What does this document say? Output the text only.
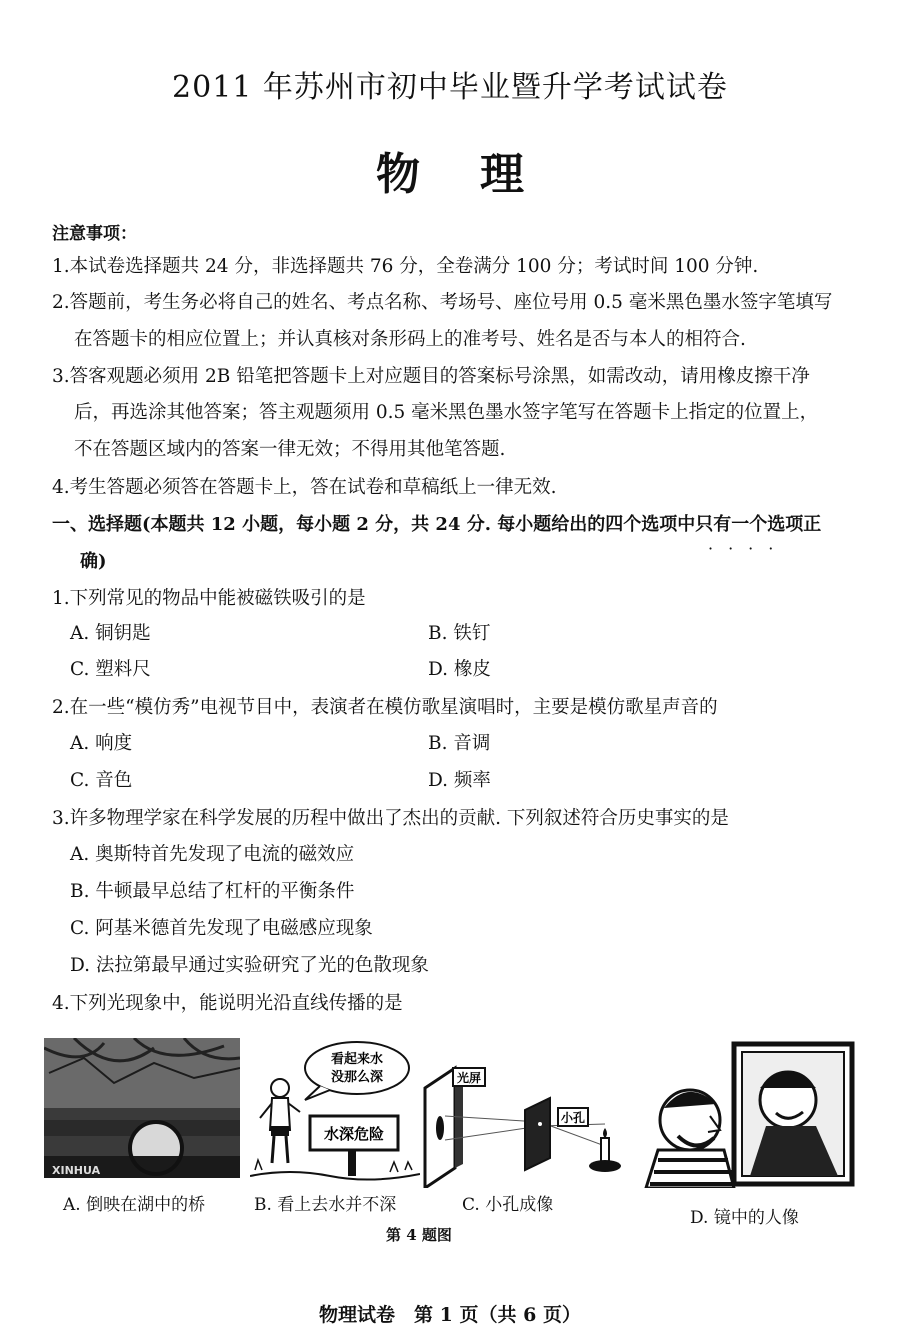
2011 年苏州市初中毕业暨升学考试试卷
物理
注意事项：
1.本试卷选择题共 24 分，非选择题共 76 分，全卷满分 100 分；考试时间 100 分钟.
2.答题前，考生务必将自己的姓名、考点名称、考场号、座位号用 0.5 毫米黑色墨水签字笔填写
在答题卡的相应位置上；并认真核对条形码上的准考号、姓名是否与本人的相符合.
3.答客观题必须用 2B 铅笔把答题卡上对应题目的答案标号涂黑，如需改动，请用橡皮擦干净
后，再选涂其他答案；答主观题须用 0.5 毫米黑色墨水签字笔写在答题卡上指定的位置上，
不在答题区域内的答案一律无效；不得用其他笔答题.
4.考生答题必须答在答题卡上，答在试卷和草稿纸上一律无效.
一、选择题(本题共 12 小题，每小题 2 分，共 24 分. 每小题给出的四个选项中只有一个选项正
····
确)
1.下列常见的物品中能被磁铁吸引的是
A. 铜钥匙	B. 铁钉
C. 塑料尺	D. 橡皮
2.在一些“模仿秀”电视节目中，表演者在模仿歌星演唱时，主要是模仿歌星声音的
A. 响度	B. 音调
C. 音色	D. 频率
3.许多物理学家在科学发展的历程中做出了杰出的贡献. 下列叙述符合历史事实的是
A. 奥斯特首先发现了电流的磁效应
B. 牛顿最早总结了杠杆的平衡条件
C. 阿基米德首先发现了电磁感应现象
D. 法拉第最早通过实验研究了光的色散现象
4.下列光现象中，能说明光沿直线传播的是
XINHUA
A. 倒映在湖中的桥
看起来水
没那么深
水深危险
B. 看上去水并不深
光屏
小孔
C. 小孔成像
D. 镜中的人像
第 4 题图
物理试卷　第 1 页（共 6 页）
